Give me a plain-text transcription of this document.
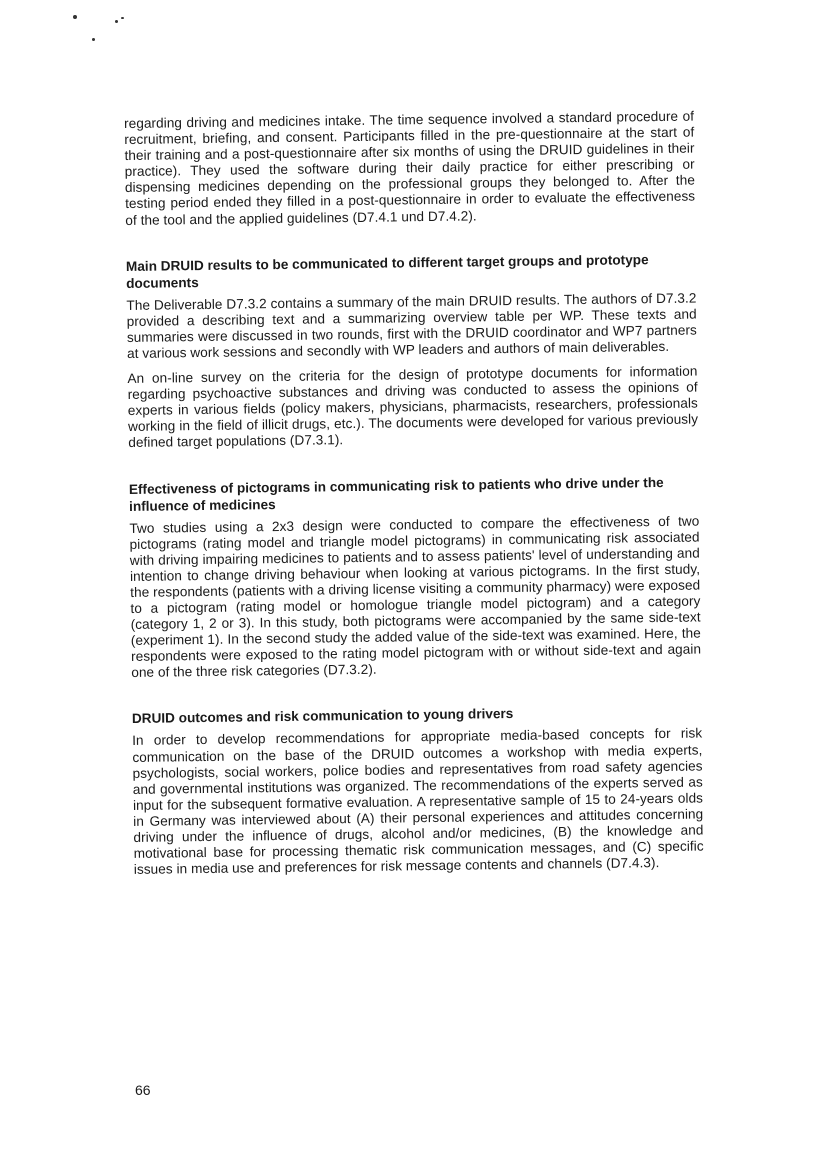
regarding driving and medicines intake. The time sequence involved a standard procedure of recruitment, briefing, and consent. Participants filled in the pre-questionnaire at the start of their training and a post-questionnaire after six months of using the DRUID guidelines in their practice). They used the software during their daily practice for either prescribing or dispensing medicines depending on the professional groups they belonged to. After the testing period ended they filled in a post-questionnaire in order to evaluate the effectiveness of the tool and the applied guidelines (D7.4.1 und D7.4.2).

Main DRUID results to be communicated to different target groups and prototype documents

The Deliverable D7.3.2 contains a summary of the main DRUID results. The authors of D7.3.2 provided a describing text and a summarizing overview table per WP. These texts and summaries were discussed in two rounds, first with the DRUID coordinator and WP7 partners at various work sessions and secondly with WP leaders and authors of main deliverables.

An on-line survey on the criteria for the design of prototype documents for information regarding psychoactive substances and driving was conducted to assess the opinions of experts in various fields (policy makers, physicians, pharmacists, researchers, professionals working in the field of illicit drugs, etc.). The documents were developed for various previously defined target populations (D7.3.1).

Effectiveness of pictograms in communicating risk to patients who drive under the influence of medicines

Two studies using a 2x3 design were conducted to compare the effectiveness of two pictograms (rating model and triangle model pictograms) in communicating risk associated with driving impairing medicines to patients and to assess patients' level of understanding and intention to change driving behaviour when looking at various pictograms. In the first study, the respondents (patients with a driving license visiting a community pharmacy) were exposed to a pictogram (rating model or homologue triangle model pictogram) and a category (category 1, 2 or 3). In this study, both pictograms were accompanied by the same side-text (experiment 1). In the second study the added value of the side-text was examined. Here, the respondents were exposed to the rating model pictogram with or without side-text and again one of the three risk categories (D7.3.2).

DRUID outcomes and risk communication to young drivers

In order to develop recommendations for appropriate media-based concepts for risk communication on the base of the DRUID outcomes a workshop with media experts, psychologists, social workers, police bodies and representatives from road safety agencies and governmental institutions was organized. The recommendations of the experts served as input for the subsequent formative evaluation. A representative sample of 15 to 24-years olds in Germany was interviewed about (A) their personal experiences and attitudes concerning driving under the influence of drugs, alcohol and/or medicines, (B) the knowledge and motivational base for processing thematic risk communication messages, and (C) specific issues in media use and preferences for risk message contents and channels (D7.4.3).

66
